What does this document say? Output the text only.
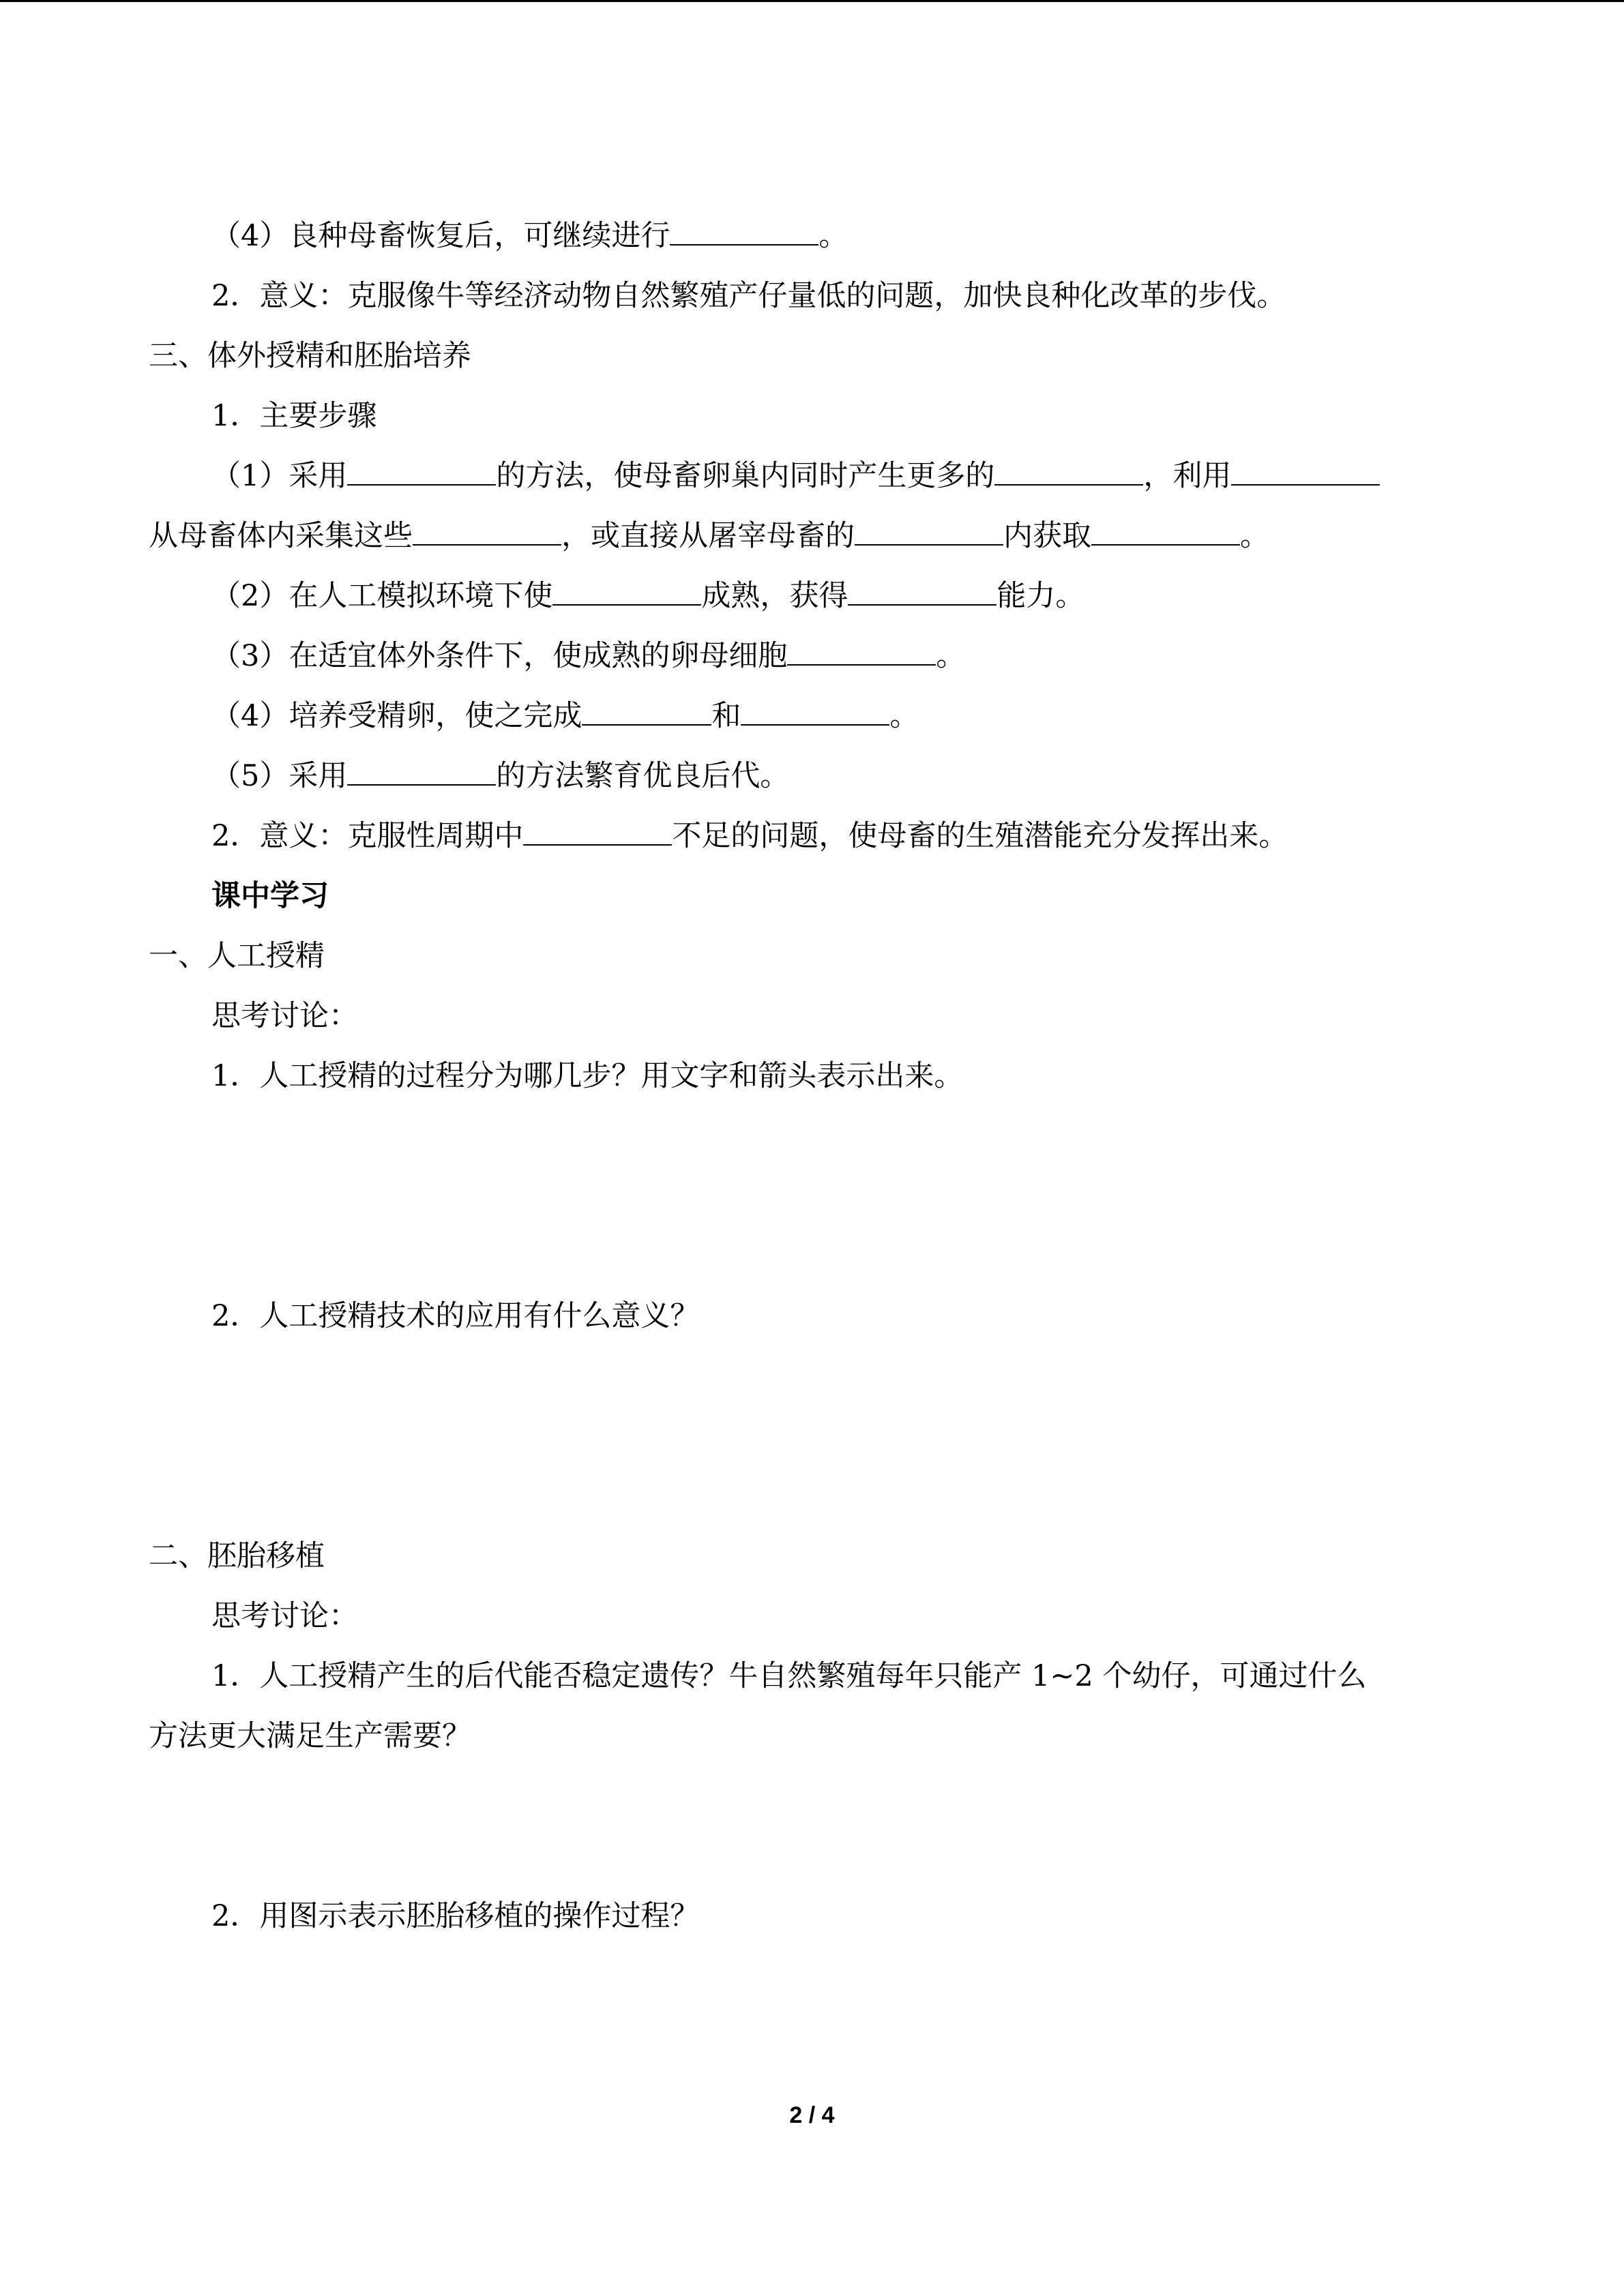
（4）良种母畜恢复后，可继续进行	。
2．意义：克服像牛等经济动物自然繁殖产仔量低的问题，加快良种化改革的步伐。
三、体外授精和胚胎培养
1．主要步骤
（1）采用	的方法，使母畜卵巢内同时产生更多的	，利用
从母畜体内采集这些	，或直接从屠宰母畜的	内获取	。
（2）在人工模拟环境下使	成熟，获得	能力。
（3）在适宜体外条件下，使成熟的卵母细胞	。
（4）培养受精卵，使之完成	和	。
（5）采用	的方法繁育优良后代。
2．意义：克服性周期中	不足的问题，使母畜的生殖潜能充分发挥出来。
课中学习
一、人工授精
思考讨论：
1．人工授精的过程分为哪几步？用文字和箭头表示出来。
2．人工授精技术的应用有什么意义？
二、胚胎移植
思考讨论：
1．人工授精产生的后代能否稳定遗传？牛自然繁殖每年只能产 1~2 个幼仔，可通过什么
方法更大满足生产需要？
2．用图示表示胚胎移植的操作过程？
2 / 4
